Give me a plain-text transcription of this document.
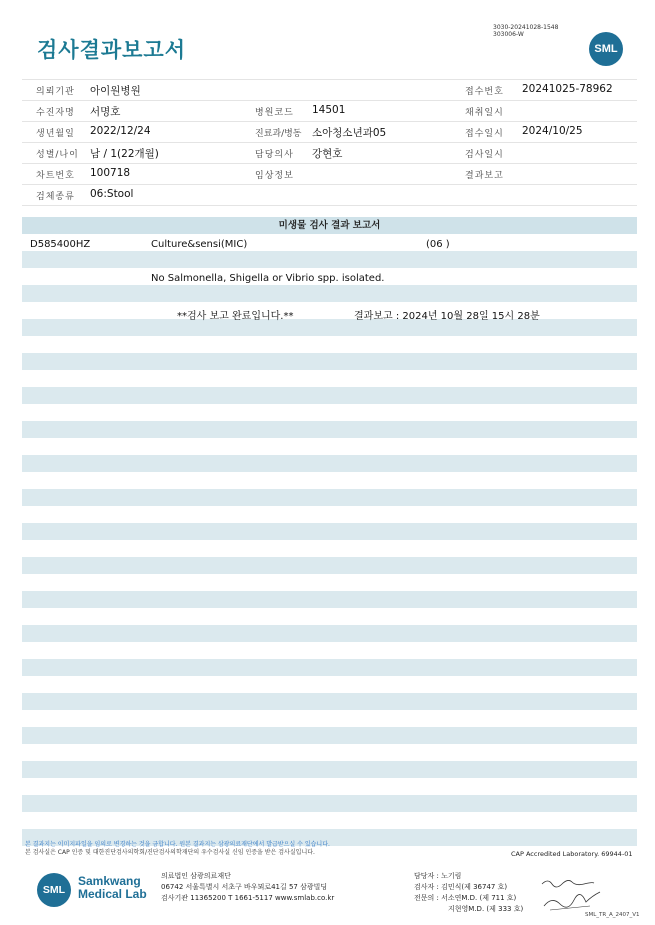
검사결과보고서
3030-20241028-1548
303006-W
SML
의뢰기관 아이원병원	접수번호 20241025-78962
수진자명 서명호	병원코드 14501	채취일시
생년월일 2022/12/24	진료과/병동 소아청소년과05	접수일시 2024/10/25
성별/나이 남 / 1(22개월)	담당의사 강현호	검사일시
차트번호 100718	임상정보	결과보고
검체종류 06:Stool
미생물 검사 결과 보고서
D585400HZ	Culture&sensi(MIC)	(06 )
No Salmonella, Shigella or Vibrio spp. isolated.
**검사 보고 완료입니다.**	결과보고 : 2024년 10월 28일 15시 28분
본 결과지는 이미지파일을 임의로 변경하는 것을 금합니다. 원본 결과지는 삼광의료재단에서 발급받으실 수 있습니다.
본 검사실은 CAP 인증 및 대한진단검사의학회/진단검사의학재단의 우수검사실 신임 인증을 받은 검사실입니다.	CAP Accredited Laboratory. 69944-01
SML
Samkwang
Medical Lab
의료법인 삼광의료재단
06742 서울특별시 서초구 바우뫼로41길 57 삼광빌딩
검사기관 11365200 T 1661-5117 www.smlab.co.kr
담당자 : 노기림
검사자 : 김민식(제 36747 호)
전문의 : 서소연M.D. (제 711 호)
지현영M.D. (제 333 호)
SML_TR_A_2407_V1
